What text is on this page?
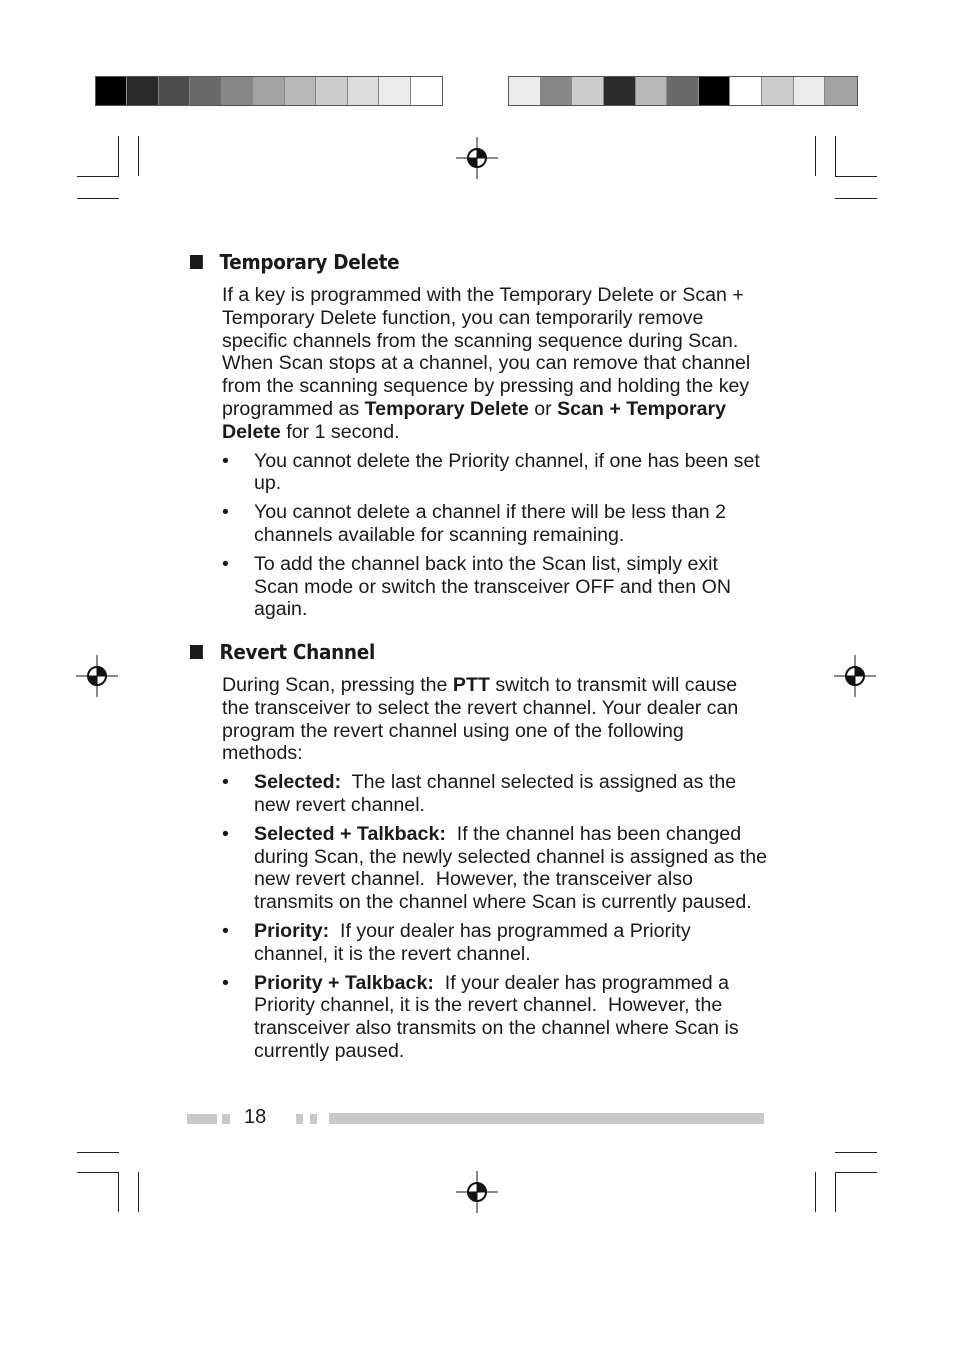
Temporary Delete
If a key is programmed with the Temporary Delete or Scan + Temporary Delete function, you can temporarily remove specific channels from the scanning sequence during Scan. When Scan stops at a channel, you can remove that channel from the scanning sequence by pressing and holding the key programmed as Temporary Delete or Scan + Temporary Delete for 1 second.
• You cannot delete the Priority channel, if one has been set up.
• You cannot delete a channel if there will be less than 2 channels available for scanning remaining.
• To add the channel back into the Scan list, simply exit Scan mode or switch the transceiver OFF and then ON again.
Revert Channel
During Scan, pressing the PTT switch to transmit will cause the transceiver to select the revert channel. Your dealer can program the revert channel using one of the following methods:
• Selected:  The last channel selected is assigned as the new revert channel.
• Selected + Talkback:  If the channel has been changed during Scan, the newly selected channel is assigned as the new revert channel.  However, the transceiver also transmits on the channel where Scan is currently paused.
• Priority:  If your dealer has programmed a Priority channel, it is the revert channel.
• Priority + Talkback:  If your dealer has programmed a Priority channel, it is the revert channel.  However, the transceiver also transmits on the channel where Scan is currently paused.
18
